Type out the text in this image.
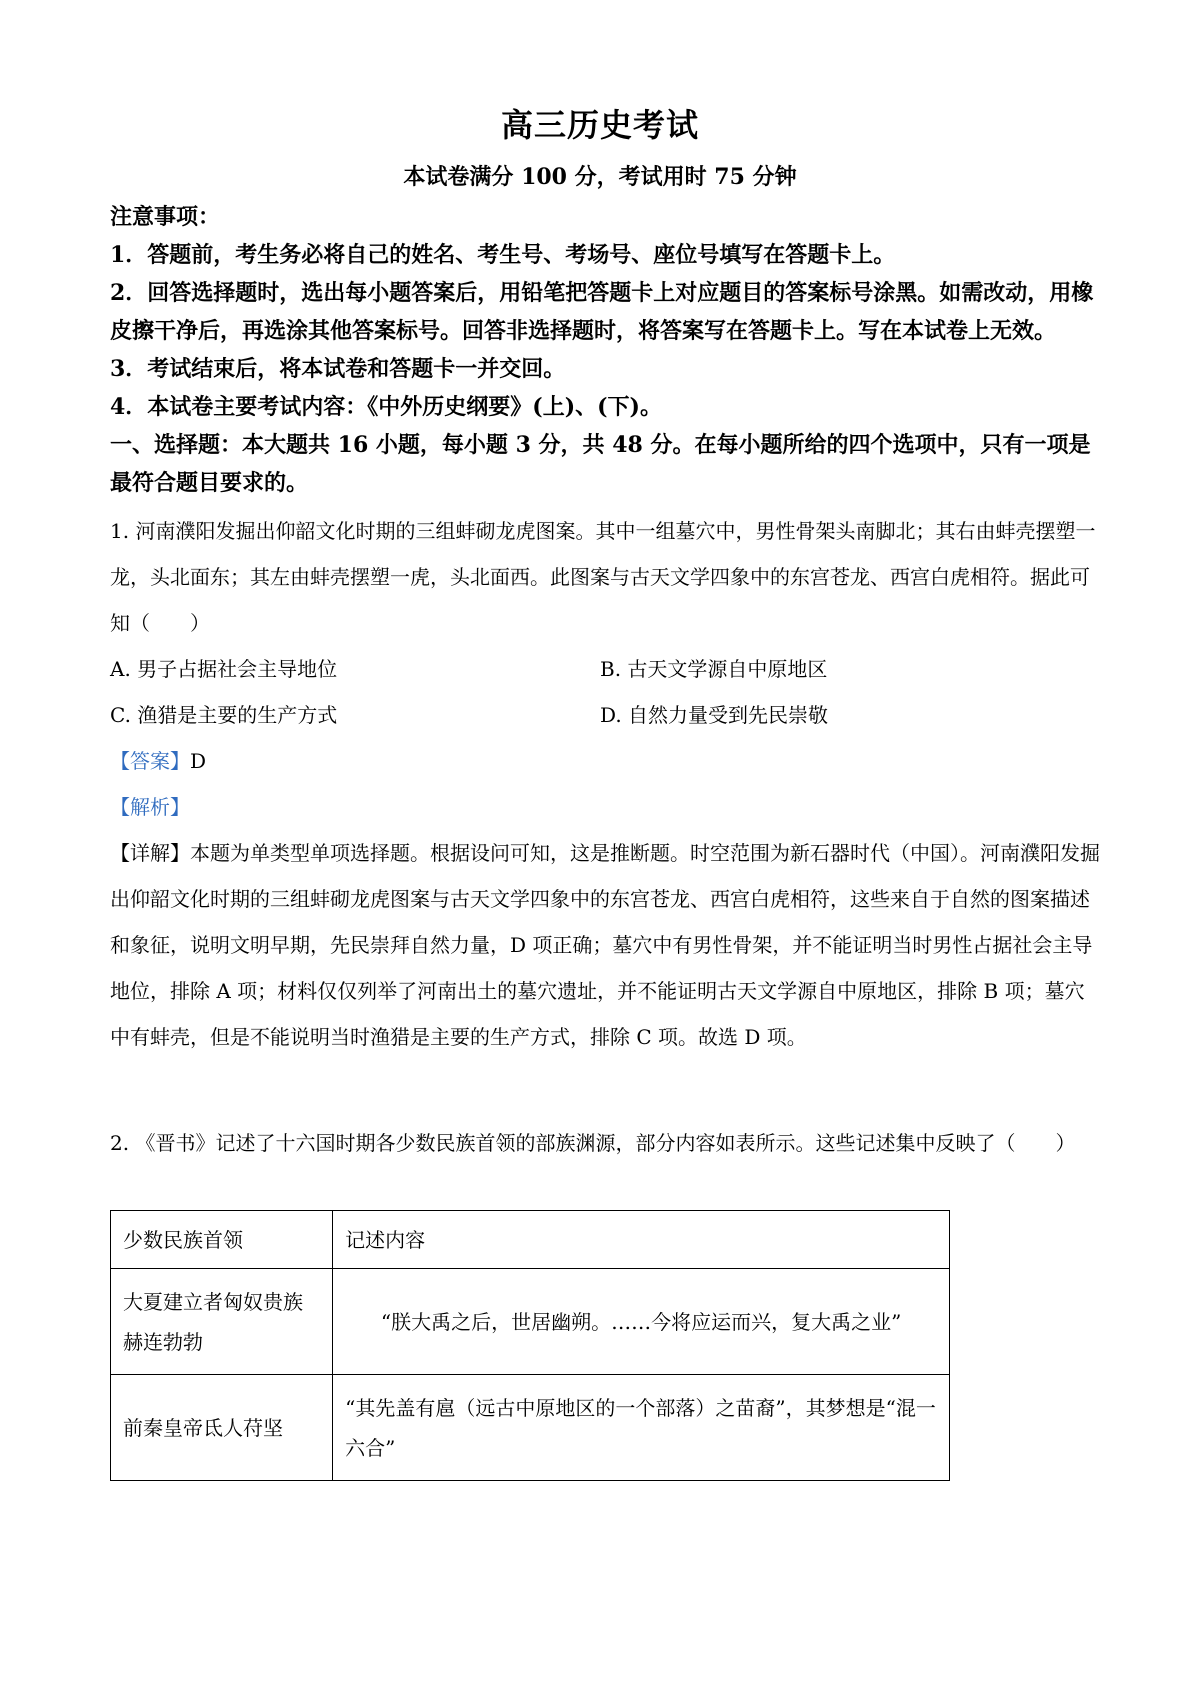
高三历史考试
本试卷满分 100 分，考试用时 75 分钟

注意事项：

1．答题前，考生务必将自己的姓名、考生号、考场号、座位号填写在答题卡上。

2．回答选择题时，选出每小题答案后，用铅笔把答题卡上对应题目的答案标号涂黑。如需改动，用橡皮擦干净后，再选涂其他答案标号。回答非选择题时，将答案写在答题卡上。写在本试卷上无效。

3．考试结束后，将本试卷和答题卡一并交回。

4．本试卷主要考试内容：《中外历史纲要》(上)、(下)。

一、选择题：本大题共 16 小题，每小题 3 分，共 48 分。在每小题所给的四个选项中，只有一项是最符合题目要求的。

1. 河南濮阳发掘出仰韶文化时期的三组蚌砌龙虎图案。其中一组墓穴中，男性骨架头南脚北；其右由蚌壳摆塑一龙，头北面东；其左由蚌壳摆塑一虎，头北面西。此图案与古天文学四象中的东宫苍龙、西宫白虎相符。据此可知（　　）

A. 男子占据社会主导地位	B. 古天文学源自中原地区
C. 渔猎是主要的生产方式	D. 自然力量受到先民崇敬

【答案】D

【解析】

【详解】本题为单类型单项选择题。根据设问可知，这是推断题。时空范围为新石器时代（中国）。河南濮阳发掘出仰韶文化时期的三组蚌砌龙虎图案与古天文学四象中的东宫苍龙、西宫白虎相符，这些来自于自然的图案描述和象征，说明文明早期，先民崇拜自然力量，D 项正确；墓穴中有男性骨架，并不能证明当时男性占据社会主导地位，排除 A 项；材料仅仅列举了河南出土的墓穴遗址，并不能证明古天文学源自中原地区，排除 B 项；墓穴中有蚌壳，但是不能说明当时渔猎是主要的生产方式，排除 C 项。故选 D 项。

2. 《晋书》记述了十六国时期各少数民族首领的部族渊源，部分内容如表所示。这些记述集中反映了（　　）

少数民族首领	记述内容
大夏建立者匈奴贵族赫连勃勃	“朕大禹之后，世居幽朔。……今将应运而兴，复大禹之业”
前秦皇帝氐人苻坚	“其先盖有扈（远古中原地区的一个部落）之苗裔”，其梦想是“混一六合”
